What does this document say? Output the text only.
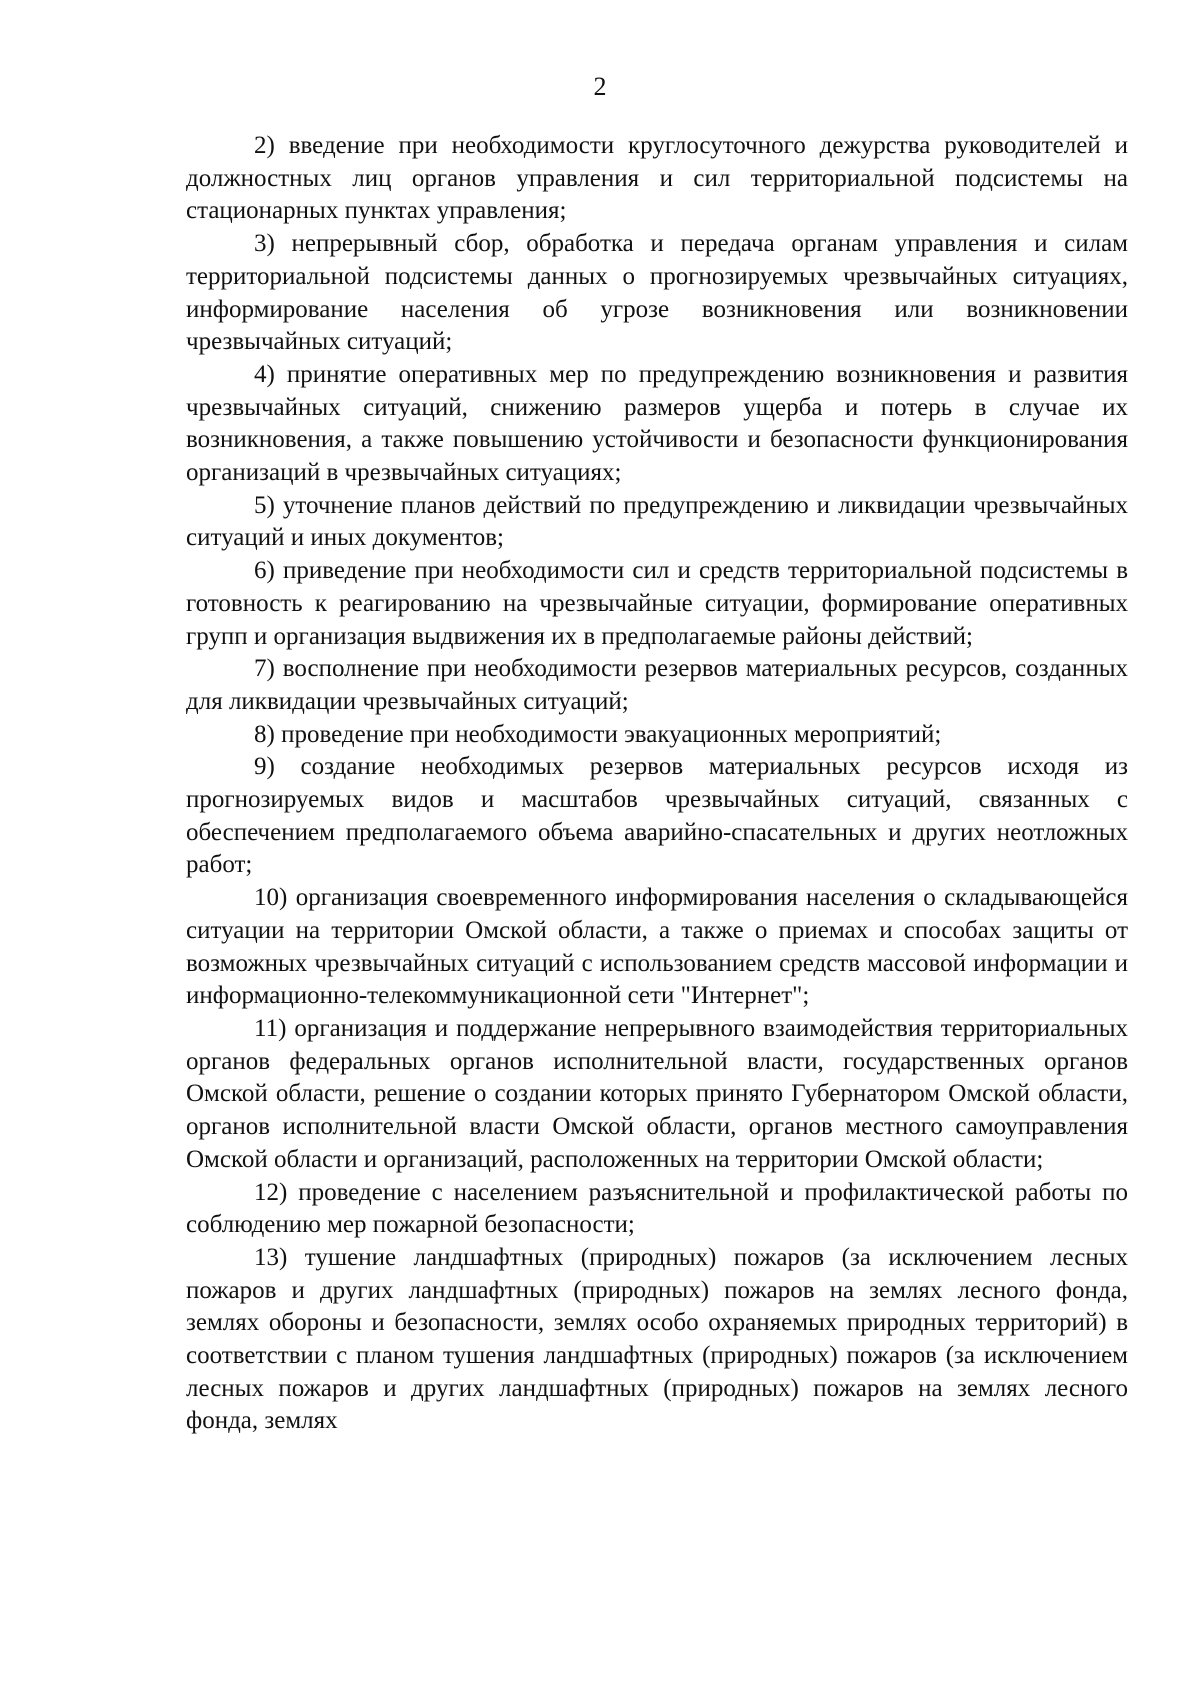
2

2) введение при необходимости круглосуточного дежурства руководителей и должностных лиц органов управления и сил территориальной подсистемы на стационарных пунктах управления;

3) непрерывный сбор, обработка и передача органам управления и силам территориальной подсистемы данных о прогнозируемых чрезвычайных ситуациях, информирование населения об угрозе возникновения или возникновении чрезвычайных ситуаций;

4) принятие оперативных мер по предупреждению возникновения и развития чрезвычайных ситуаций, снижению размеров ущерба и потерь в случае их возникновения, а также повышению устойчивости и безопасности функционирования организаций в чрезвычайных ситуациях;

5) уточнение планов действий по предупреждению и ликвидации чрезвычайных ситуаций и иных документов;

6) приведение при необходимости сил и средств территориальной подсистемы в готовность к реагированию на чрезвычайные ситуации, формирование оперативных групп и организация выдвижения их в предполагаемые районы действий;

7) восполнение при необходимости резервов материальных ресурсов, созданных для ликвидации чрезвычайных ситуаций;

8) проведение при необходимости эвакуационных мероприятий;

9) создание необходимых резервов материальных ресурсов исходя из прогнозируемых видов и масштабов чрезвычайных ситуаций, связанных с обеспечением предполагаемого объема аварийно-спасательных и других неотложных работ;

10) организация своевременного информирования населения о складывающейся ситуации на территории Омской области, а также о приемах и способах защиты от возможных чрезвычайных ситуаций с использованием средств массовой информации и информационно-телекоммуникационной сети "Интернет";

11) организация и поддержание непрерывного взаимодействия территориальных органов федеральных органов исполнительной власти, государственных органов Омской области, решение о создании которых принято Губернатором Омской области, органов исполнительной власти Омской области, органов местного самоуправления Омской области и организаций, расположенных на территории Омской области;

12) проведение с населением разъяснительной и профилактической работы по соблюдению мер пожарной безопасности;

13) тушение ландшафтных (природных) пожаров (за исключением лесных пожаров и других ландшафтных (природных) пожаров на землях лесного фонда, землях обороны и безопасности, землях особо охраняемых природных территорий) в соответствии с планом тушения ландшафтных (природных) пожаров (за исключением лесных пожаров и других ландшафтных (природных) пожаров на землях лесного фонда, землях
